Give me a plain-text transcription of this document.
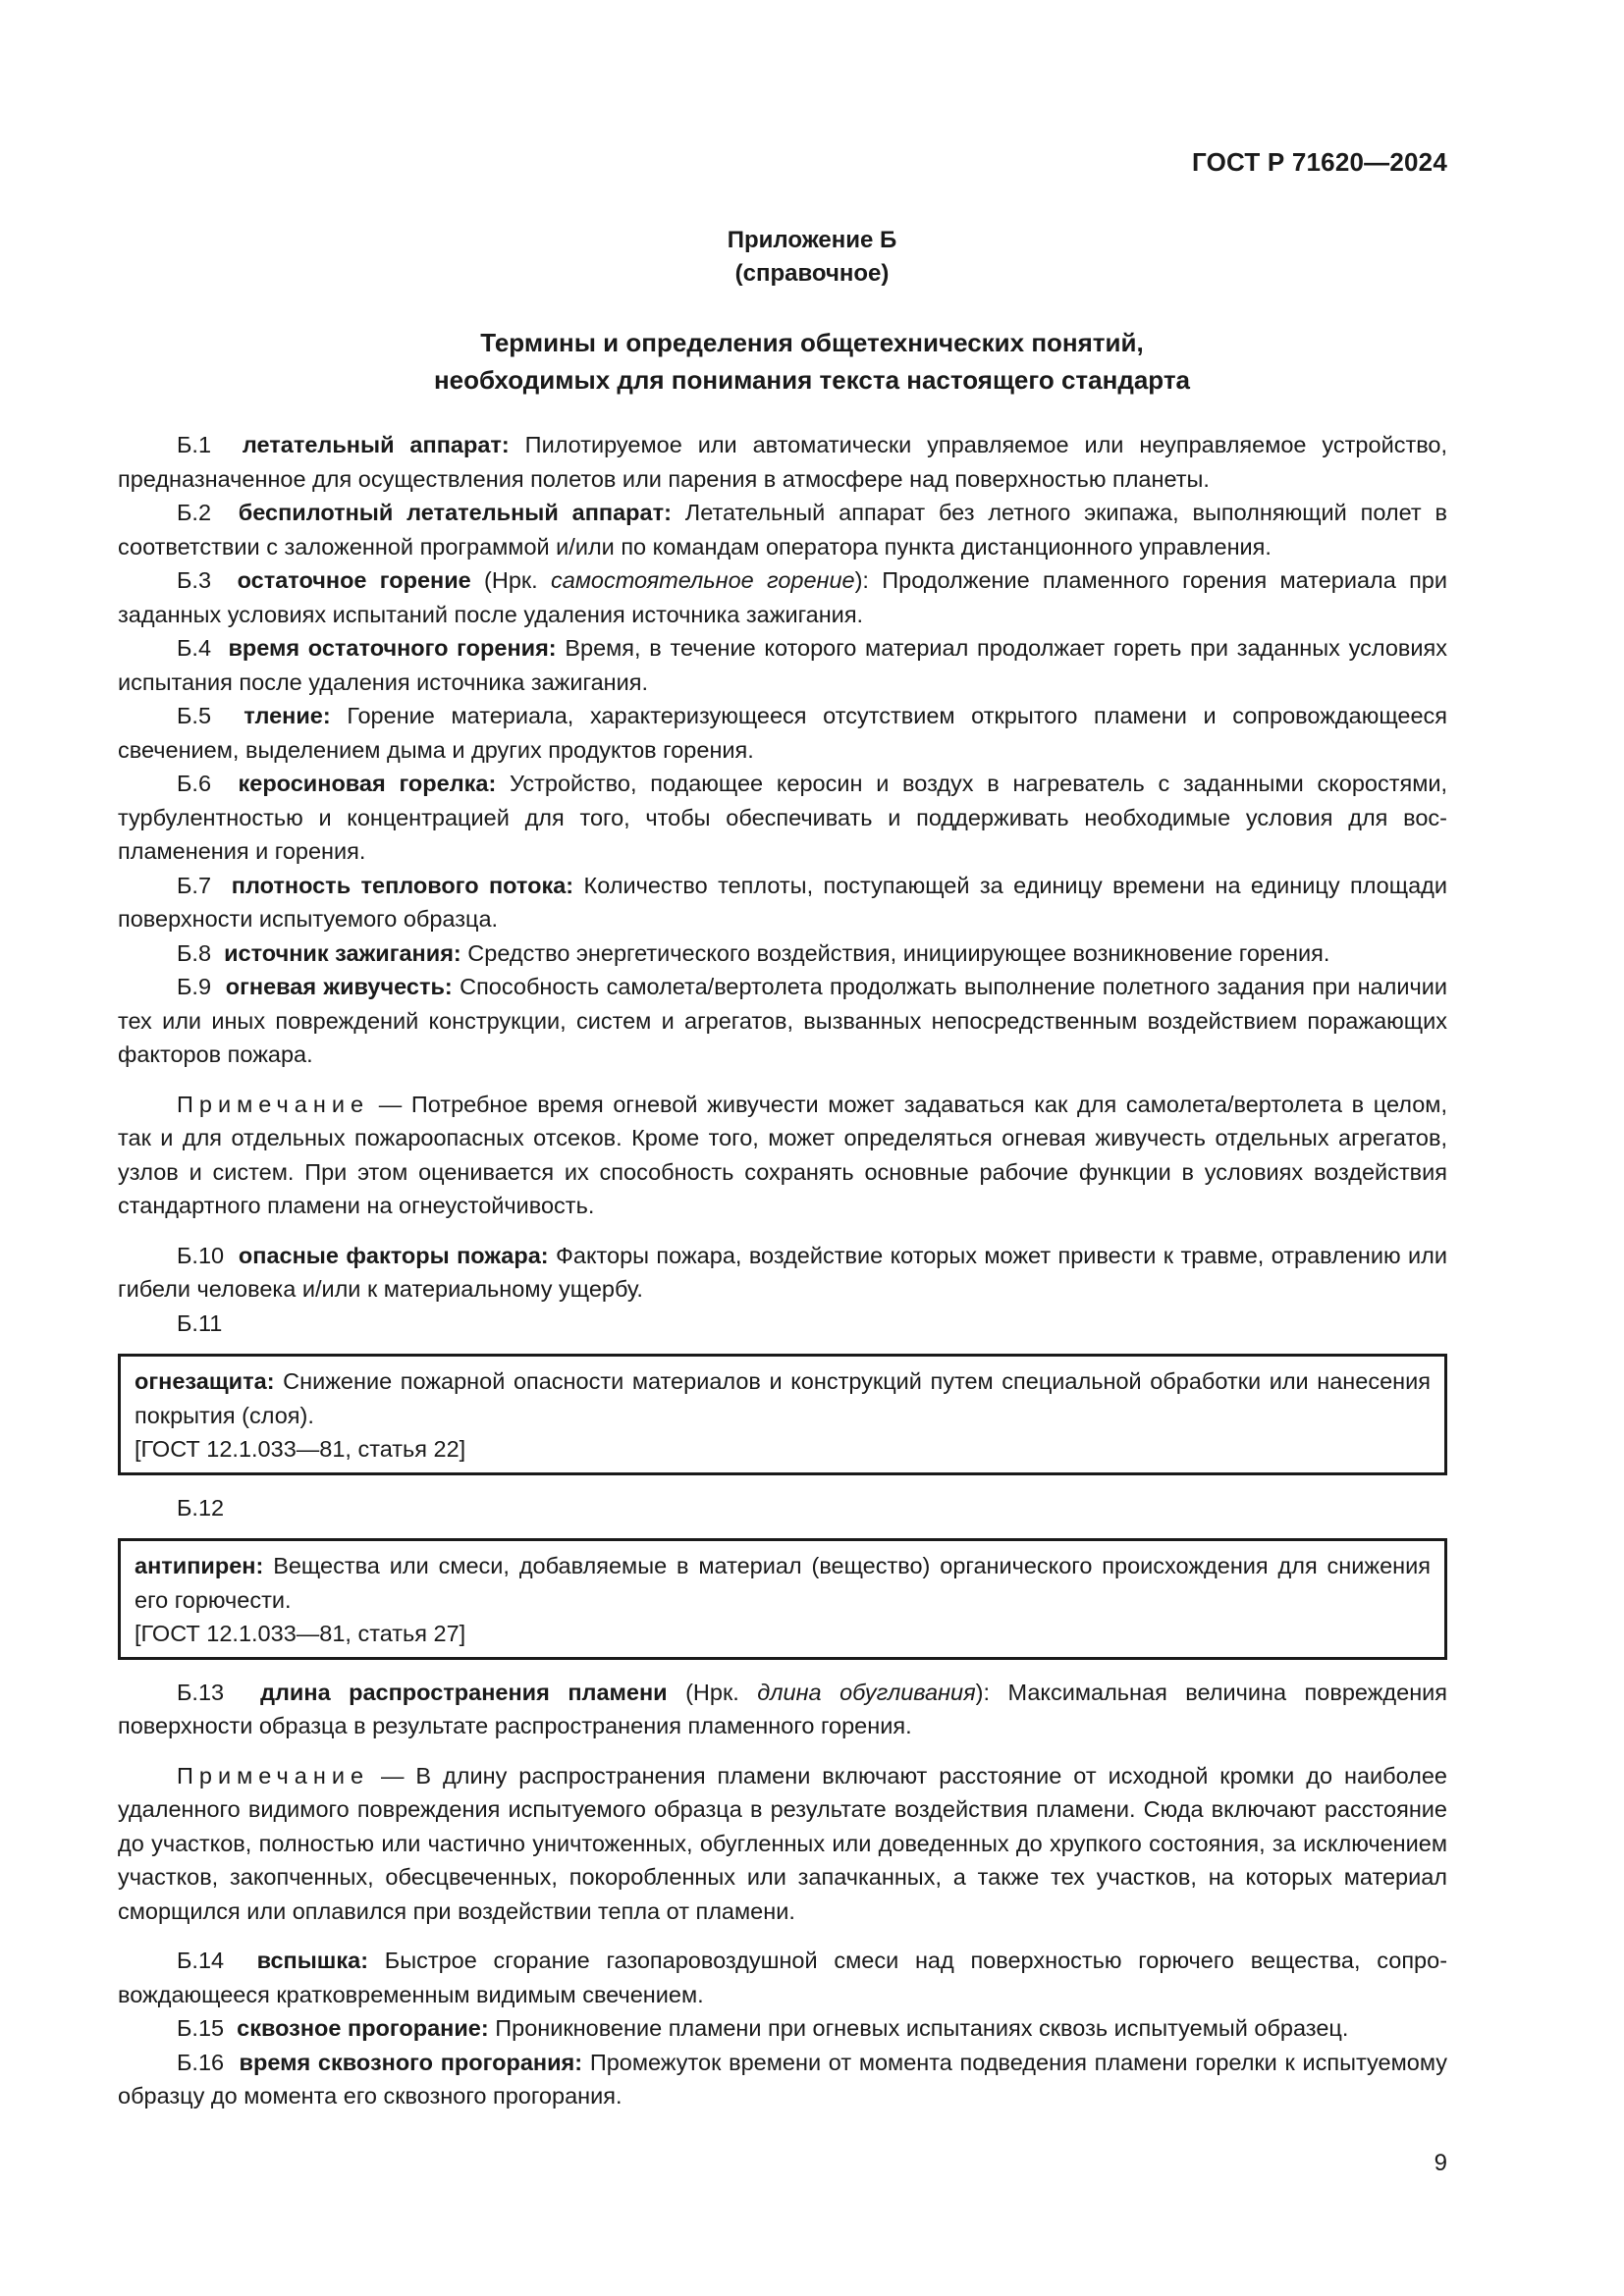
ГОСТ Р 71620—2024
Приложение Б
(справочное)
Термины и определения общетехнических понятий,
необходимых для понимания текста настоящего стандарта

Б.1 летательный аппарат: Пилотируемое или автоматически управляемое или неуправляемое устройство, предназначенное для осуществления полетов или парения в атмосфере над поверхностью планеты.

Б.2 беспилотный летательный аппарат: Летательный аппарат без летного экипажа, выполняющий полет в соответствии с заложенной программой и/или по командам оператора пункта дистанционного управления.

Б.3 остаточное горение (Нрк. самостоятельное горение): Продолжение пламенного горения материала при заданных условиях испытаний после удаления источника зажигания.

Б.4 время остаточного горения: Время, в течение которого материал продолжает гореть при заданных условиях испытания после удаления источника зажигания.

Б.5 тление: Горение материала, характеризующееся отсутствием открытого пламени и сопровождающееся свечением, выделением дыма и других продуктов горения.

Б.6 керосиновая горелка: Устройство, подающее керосин и воздух в нагреватель с заданными скоростями, турбулентностью и концентрацией для того, чтобы обеспечивать и поддерживать необходимые условия для воспламенения и горения.

Б.7 плотность теплового потока: Количество теплоты, поступающей за единицу времени на единицу площади поверхности испытуемого образца.

Б.8 источник зажигания: Средство энергетического воздействия, инициирующее возникновение горения.

Б.9 огневая живучесть: Способность самолета/вертолета продолжать выполнение полетного задания при наличии тех или иных повреждений конструкции, систем и агрегатов, вызванных непосредственным воздействием поражающих факторов пожара.

Примечание — Потребное время огневой живучести может задаваться как для самолета/вертолета в целом, так и для отдельных пожароопасных отсеков. Кроме того, может определяться огневая живучесть отдельных агрегатов, узлов и систем. При этом оценивается их способность сохранять основные рабочие функции в условиях воздействия стандартного пламени на огнеустойчивость.

Б.10 опасные факторы пожара: Факторы пожара, воздействие которых может привести к травме, отравлению или гибели человека и/или к материальному ущербу.

Б.11

огнезащита: Снижение пожарной опасности материалов и конструкций путем специальной обработки или нанесения покрытия (слоя).

[ГОСТ 12.1.033—81, статья 22]

Б.12

антипирен: Вещества или смеси, добавляемые в материал (вещество) органического происхождения для снижения его горючести.

[ГОСТ 12.1.033—81, статья 27]

Б.13 длина распространения пламени (Нрк. длина обугливания): Максимальная величина повреждения поверхности образца в результате распространения пламенного горения.

Примечание — В длину распространения пламени включают расстояние от исходной кромки до наиболее удаленного видимого повреждения испытуемого образца в результате воздействия пламени. Сюда включают расстояние до участков, полностью или частично уничтоженных, обугленных или доведенных до хрупкого состояния, за исключением участков, закопченных, обесцвеченных, покоробленных или запачканных, а также тех участков, на которых материал сморщился или оплавился при воздействии тепла от пламени.

Б.14 вспышка: Быстрое сгорание газопаровоздушной смеси над поверхностью горючего вещества, сопровождающееся кратковременным видимым свечением.

Б.15 сквозное прогорание: Проникновение пламени при огневых испытаниях сквозь испытуемый образец.

Б.16 время сквозного прогорания: Промежуток времени от момента подведения пламени горелки к испытуемому образцу до момента его сквозного прогорания.

9
